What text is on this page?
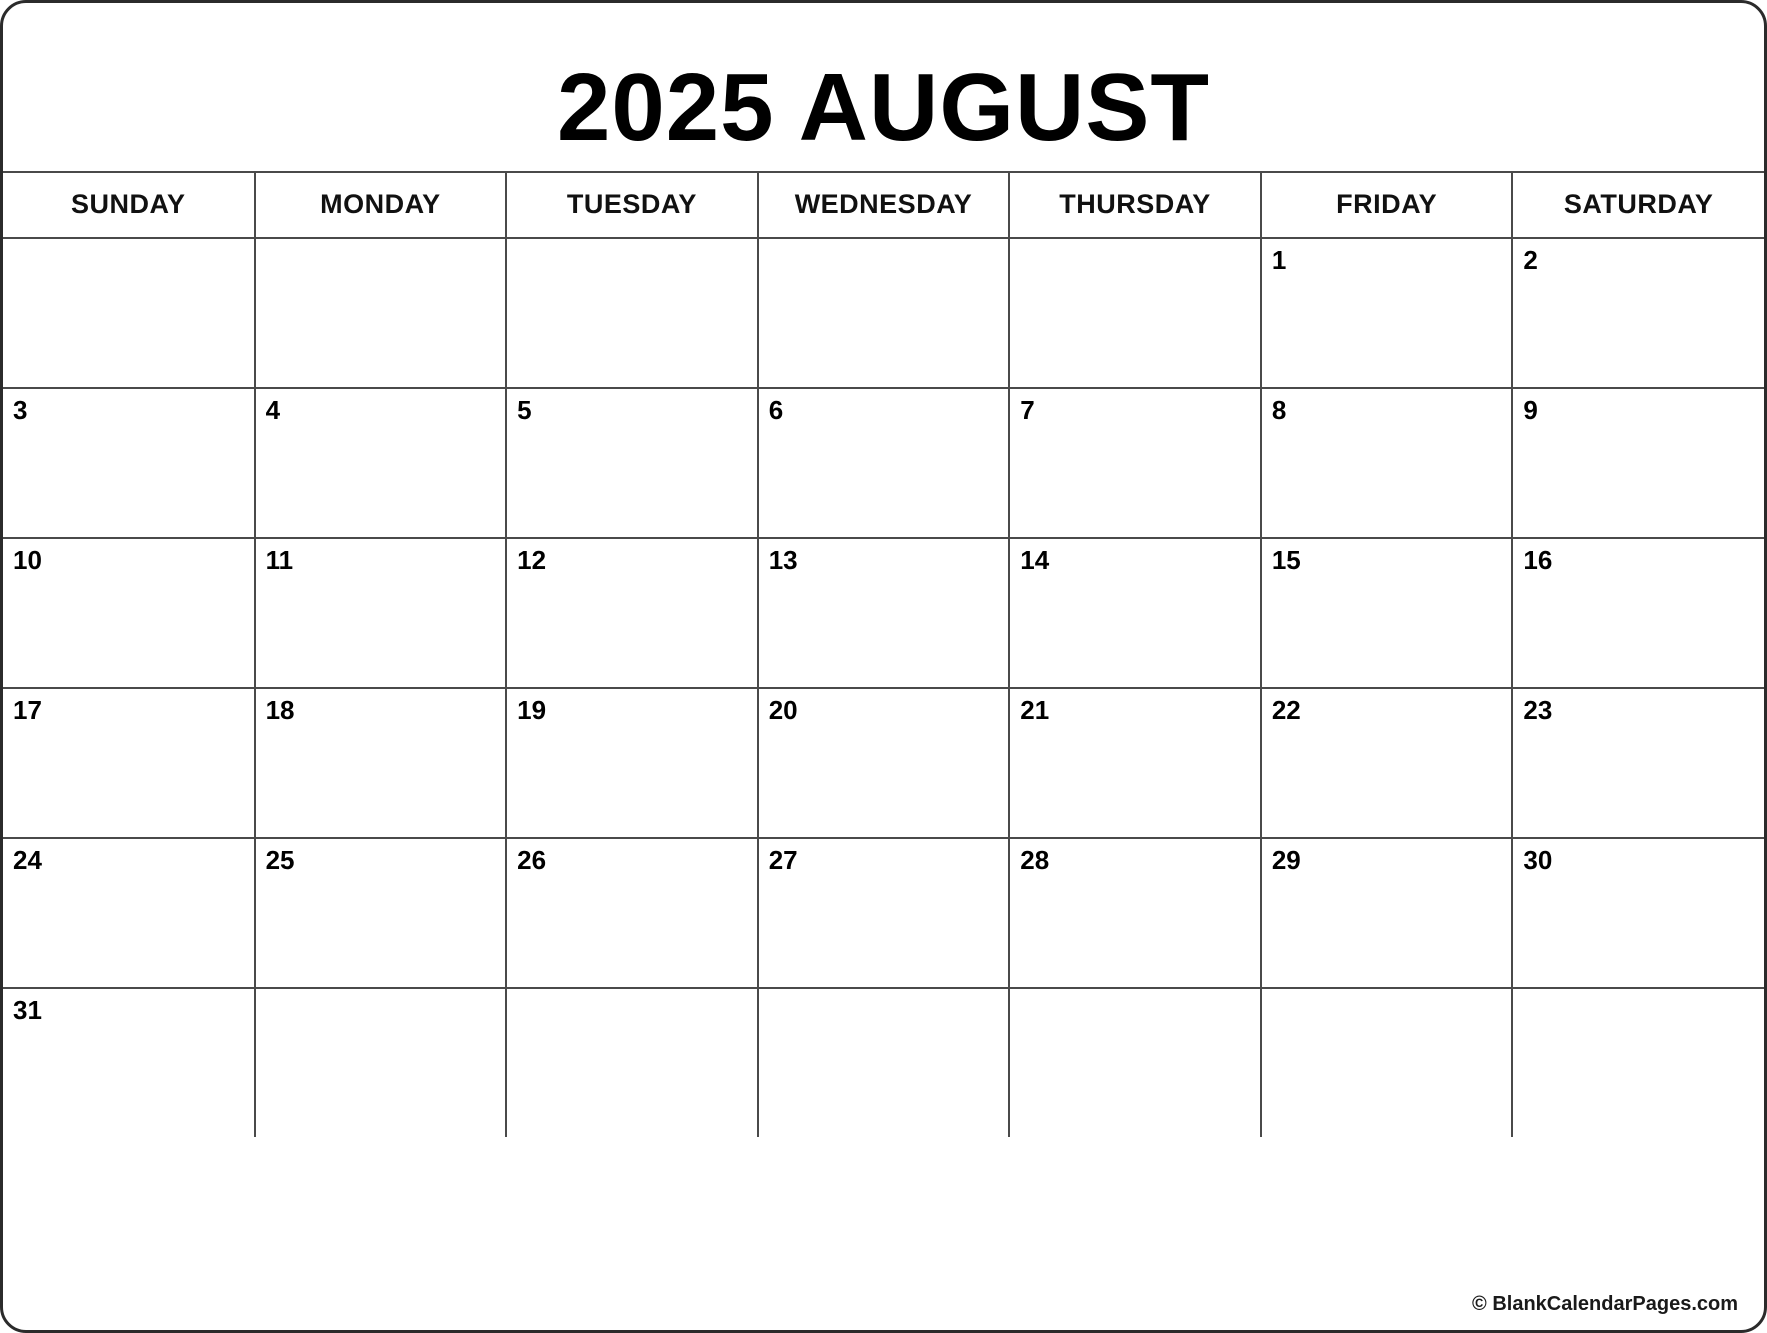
2025 AUGUST
SUNDAY	MONDAY	TUESDAY	WEDNESDAY	THURSDAY	FRIDAY	SATURDAY

					1	2

3	4	5	6	7	8	9

10	11	12	13	14	15	16

17	18	19	20	21	22	23

24	25	26	27	28	29	30

31						

© BlankCalendarPages.com
